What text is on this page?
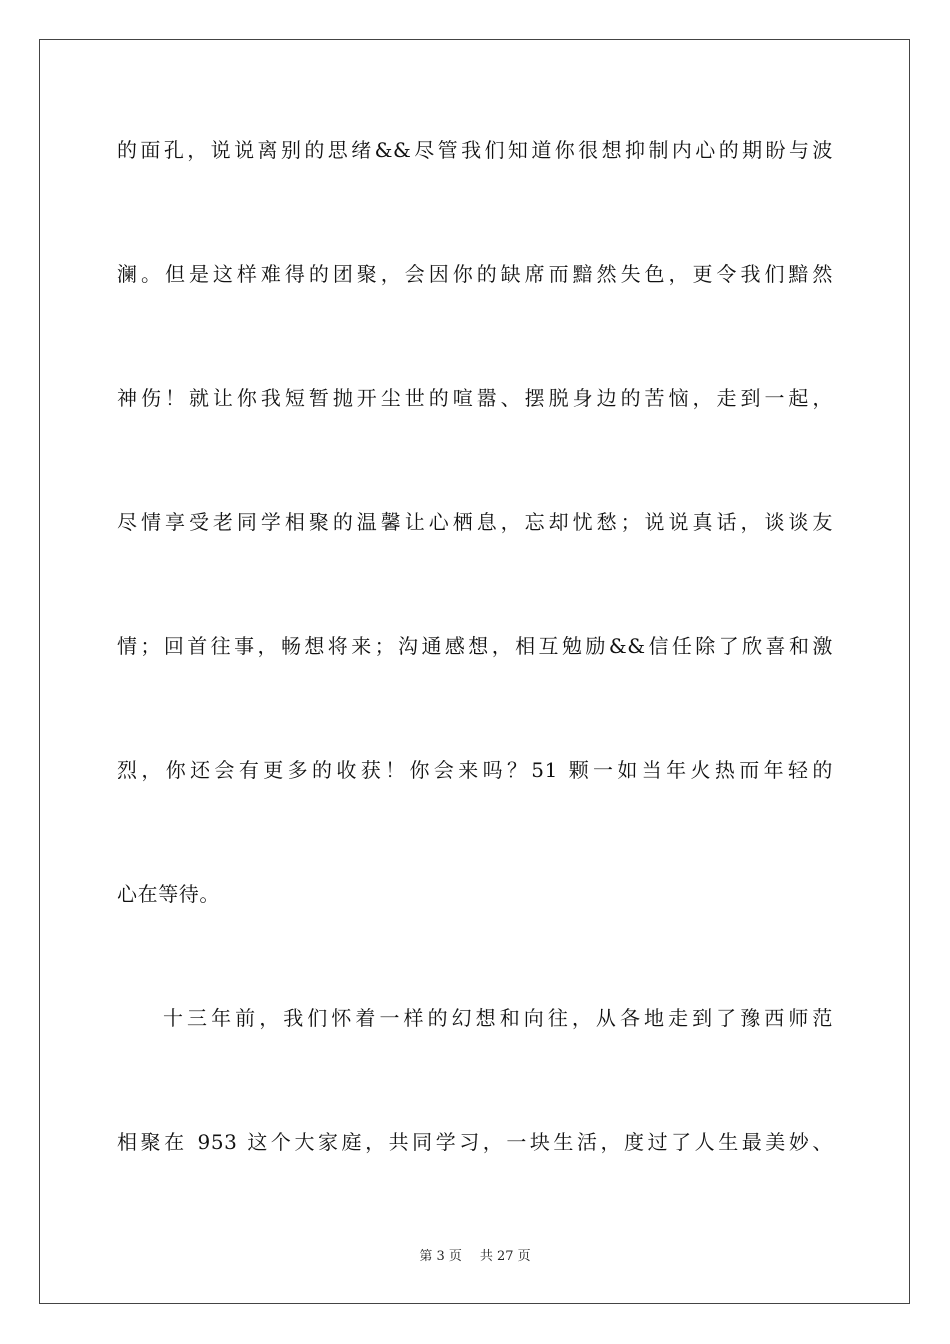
的面孔，说说离别的思绪&&尽管我们知道你很想抑制内心的期盼与波
澜。但是这样难得的团聚，会因你的缺席而黯然失色，更令我们黯然
神伤！就让你我短暂抛开尘世的喧嚣、摆脱身边的苦恼，走到一起，
尽情享受老同学相聚的温馨让心栖息，忘却忧愁；说说真话，谈谈友
情；回首往事，畅想将来；沟通感想，相互勉励&&信任除了欣喜和激
烈，你还会有更多的收获！你会来吗？51 颗一如当年火热而年轻的
心在等待。
十三年前，我们怀着一样的幻想和向往，从各地走到了豫西师范
相聚在 953 这个大家庭，共同学习，一块生活，度过了人生最美妙、
第 3 页 共 27 页
